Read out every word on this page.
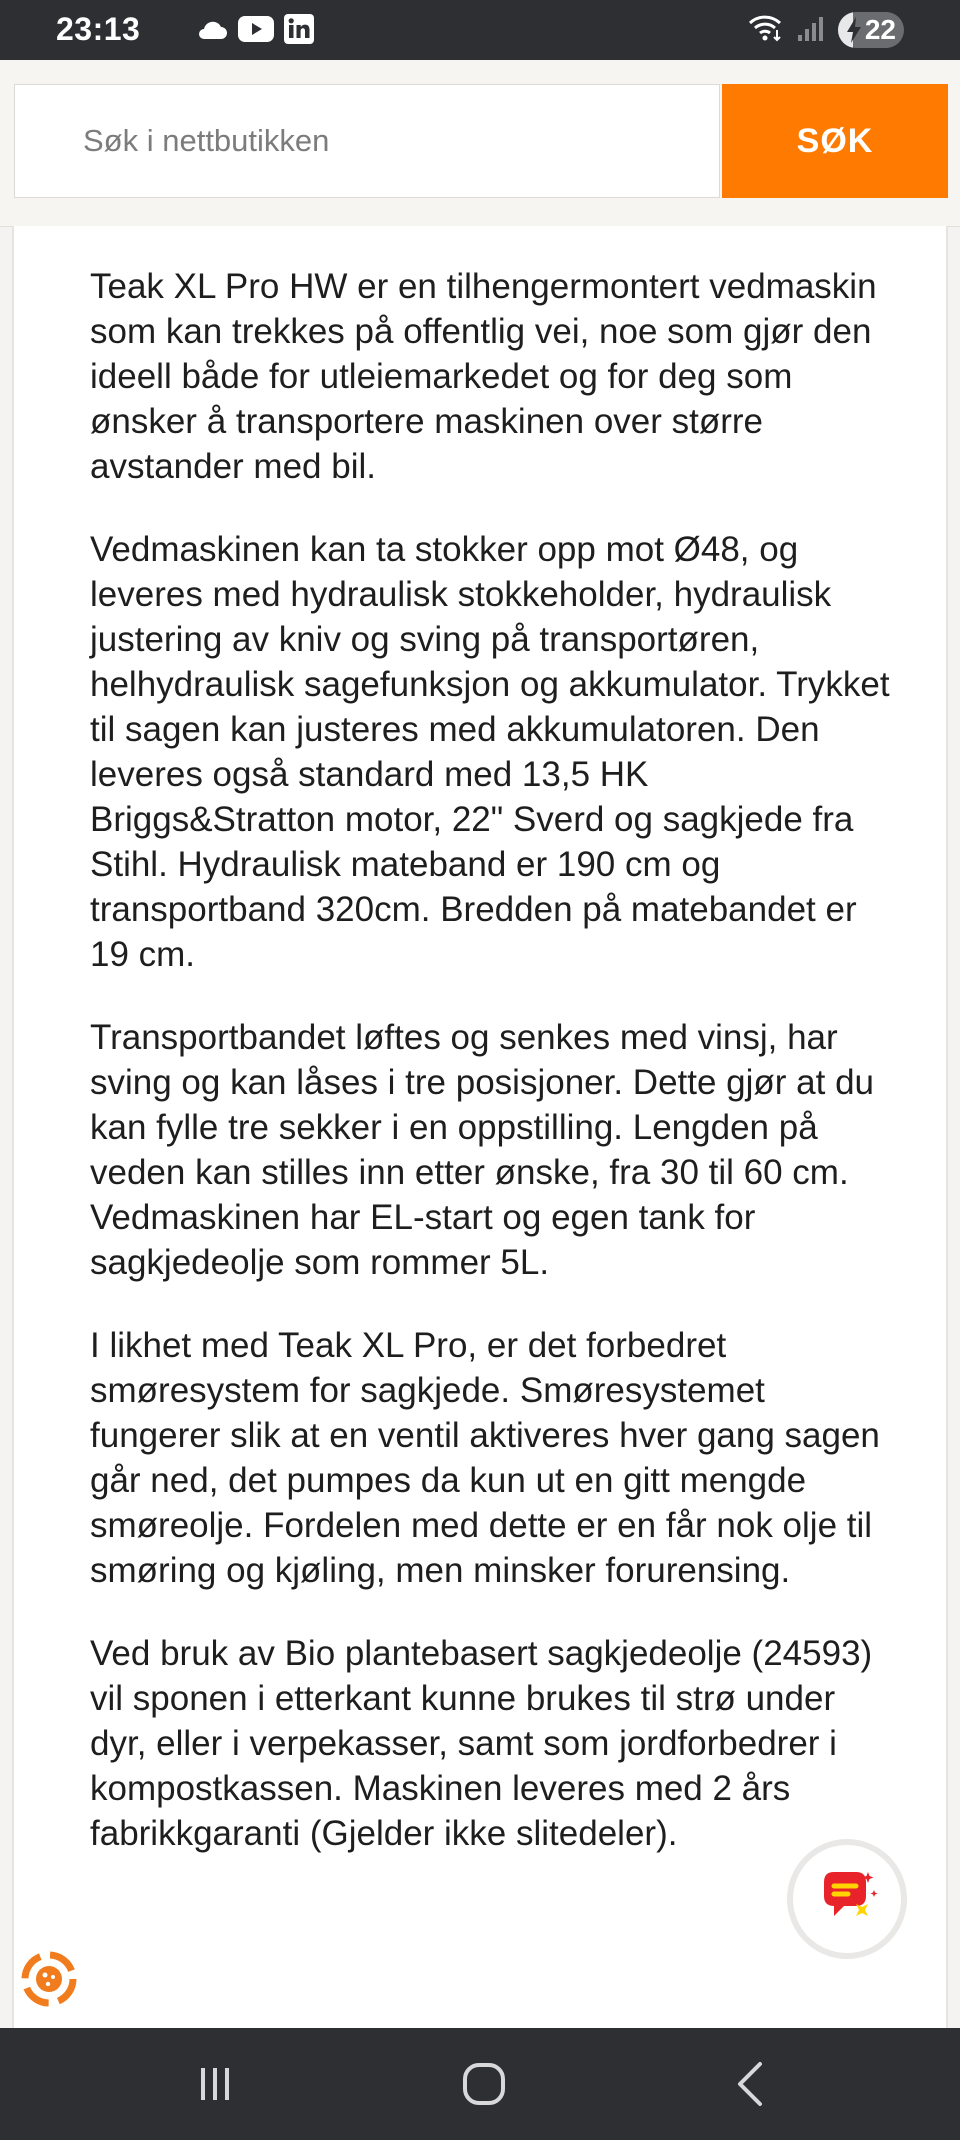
23:13	22
Søk i nettbutikken
SØK

Teak XL Pro HW er en tilhengermontert vedmaskin som kan trekkes på offentlig vei, noe som gjør den ideell både for utleiemarkedet og for deg som ønsker å transportere maskinen over større avstander med bil.

Vedmaskinen kan ta stokker opp mot Ø48, og leveres med hydraulisk stokkeholder, hydraulisk justering av kniv og sving på transportøren, helhydraulisk sagefunksjon og akkumulator. Trykket til sagen kan justeres med akkumulatoren. Den leveres også standard med 13,5 HK Briggs&Stratton motor, 22" Sverd og sagkjede fra Stihl. Hydraulisk mateband er 190 cm og transportband 320cm. Bredden på matebandet er 19 cm.

Transportbandet løftes og senkes med vinsj, har sving og kan låses i tre posisjoner. Dette gjør at du kan fylle tre sekker i en oppstilling. Lengden på veden kan stilles inn etter ønske, fra 30 til 60 cm. Vedmaskinen har EL-start og egen tank for sagkjedeolje som rommer 5L.

I likhet med Teak XL Pro, er det forbedret smøresystem for sagkjede. Smøresystemet fungerer slik at en ventil aktiveres hver gang sagen går ned, det pumpes da kun ut en gitt mengde smøreolje. Fordelen med dette er en får nok olje til smøring og kjøling, men minsker forurensing.

Ved bruk av Bio plantebasert sagkjedeolje (24593) vil sponen i etterkant kunne brukes til strø under dyr, eller i verpekasser, samt som jordforbedrer i kompostkassen. Maskinen leveres med 2 års fabrikkgaranti (Gjelder ikke slitedeler).
